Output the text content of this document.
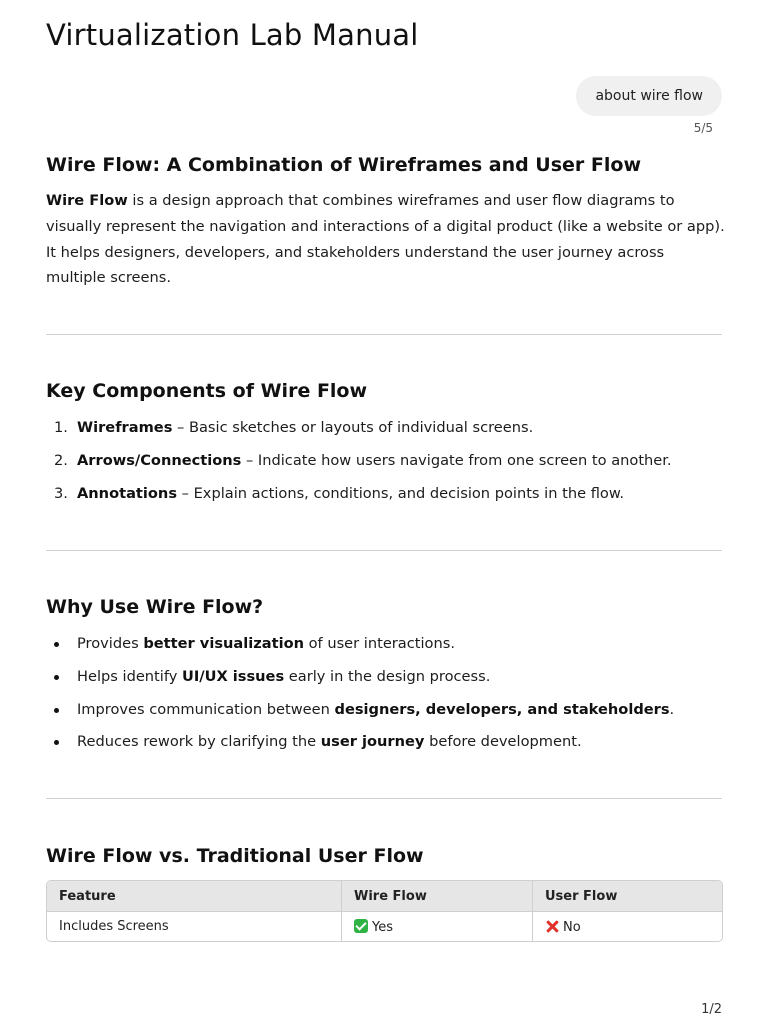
Virtualization Lab Manual
about wire flow
5/5
Wire Flow: A Combination of Wireframes and User Flow

Wire Flow is a design approach that combines wireframes and user flow diagrams to visually represent the navigation and interactions of a digital product (like a website or app). It helps designers, developers, and stakeholders understand the user journey across multiple screens.

Key Components of Wire Flow
1. Wireframes – Basic sketches or layouts of individual screens.
2. Arrows/Connections – Indicate how users navigate from one screen to another.
3. Annotations – Explain actions, conditions, and decision points in the flow.
Why Use Wire Flow?
Provides better visualization of user interactions.
Helps identify UI/UX issues early in the design process.
Improves communication between designers, developers, and stakeholders.
Reduces rework by clarifying the user journey before development.
Wire Flow vs. Traditional User Flow
Feature	Wire Flow	User Flow
Includes Screens	Yes	No
1/2
